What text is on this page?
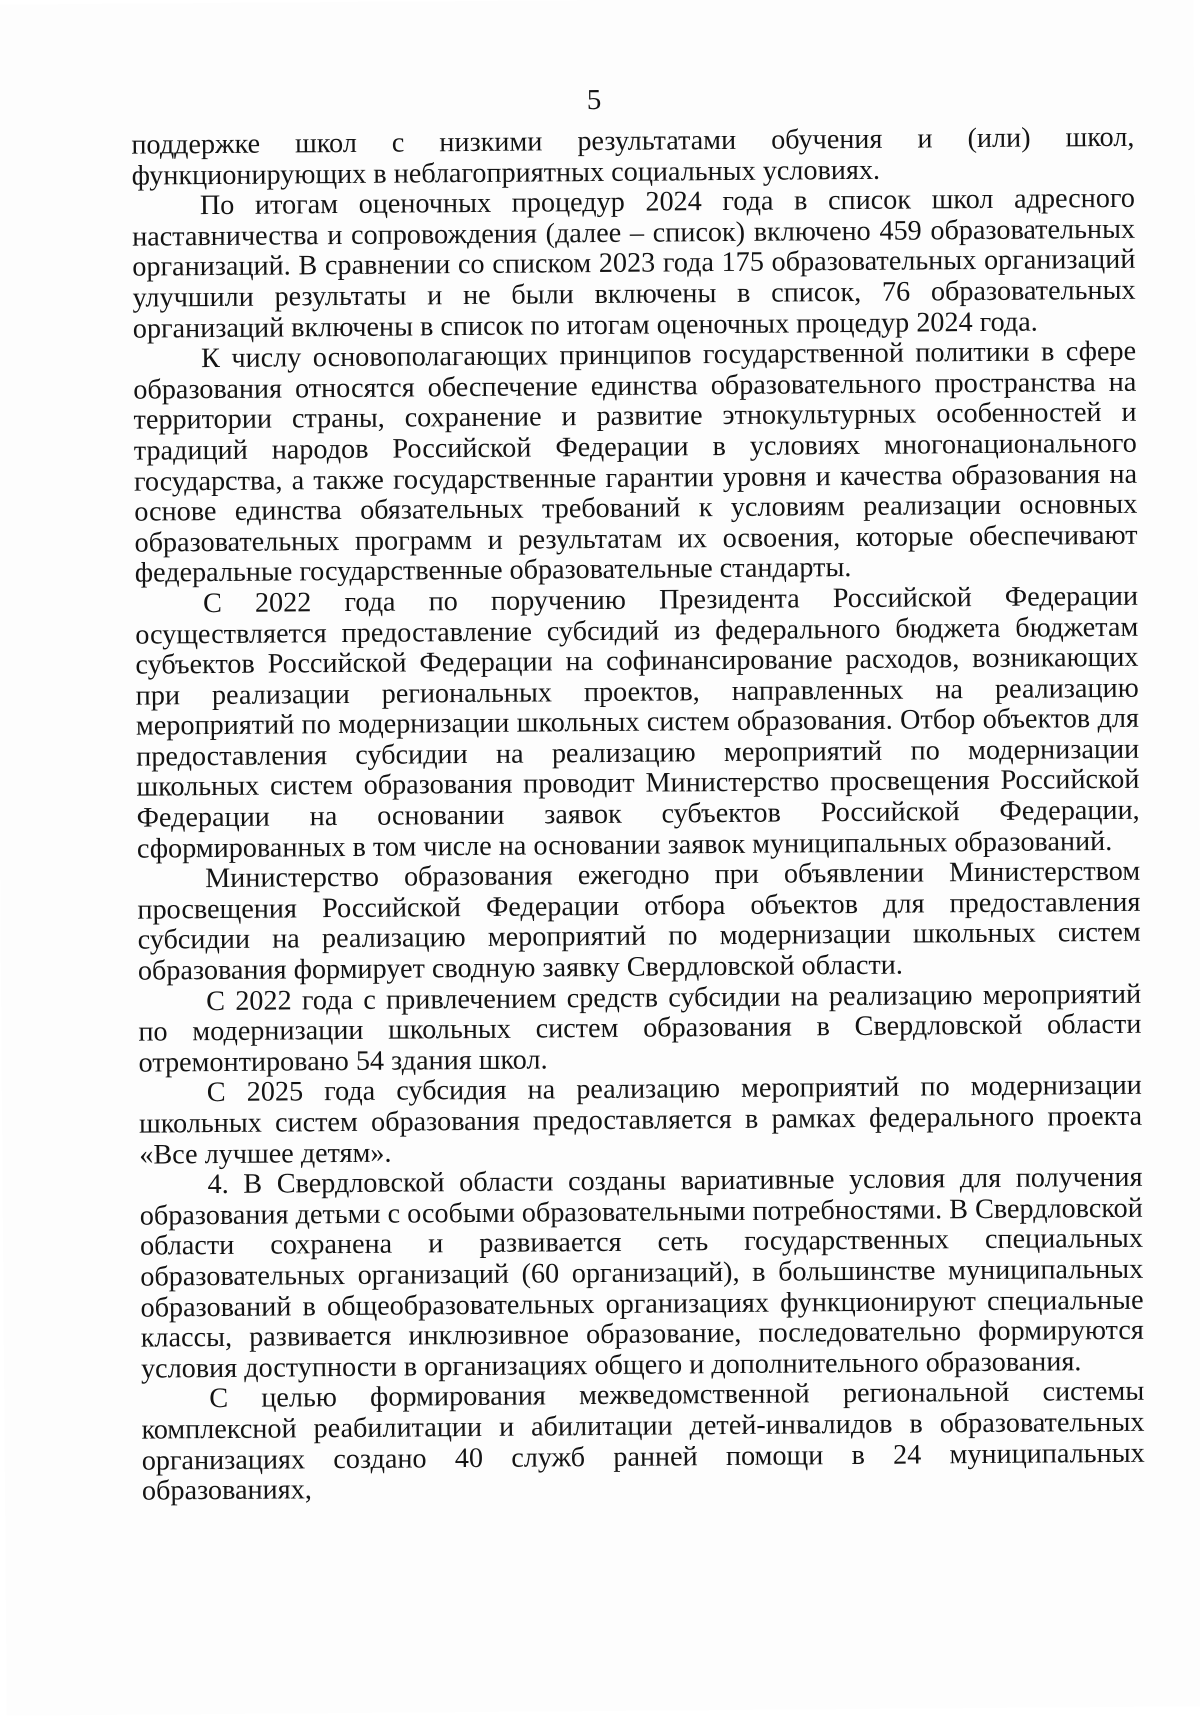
5

поддержке школ с низкими результатами обучения и (или) школ, функционирующих в неблагоприятных социальных условиях.

По итогам оценочных процедур 2024 года в список школ адресного наставничества и сопровождения (далее – список) включено 459 образовательных организаций. В сравнении со списком 2023 года 175 образовательных организаций улучшили результаты и не были включены в список, 76 образовательных организаций включены в список по итогам оценочных процедур 2024 года.

К числу основополагающих принципов государственной политики в сфере образования относятся обеспечение единства образовательного пространства на территории страны, сохранение и развитие этнокультурных особенностей и традиций народов Российской Федерации в условиях многонационального государства, а также государственные гарантии уровня и качества образования на основе единства обязательных требований к условиям реализации основных образовательных программ и результатам их освоения, которые обеспечивают федеральные государственные образовательные стандарты.

С 2022 года по поручению Президента Российской Федерации осуществляется предоставление субсидий из федерального бюджета бюджетам субъектов Российской Федерации на софинансирование расходов, возникающих при реализации региональных проектов, направленных на реализацию мероприятий по модернизации школьных систем образования. Отбор объектов для предоставления субсидии на реализацию мероприятий по модернизации школьных систем образования проводит Министерство просвещения Российской Федерации на основании заявок субъектов Российской Федерации, сформированных в том числе на основании заявок муниципальных образований.

Министерство образования ежегодно при объявлении Министерством просвещения Российской Федерации отбора объектов для предоставления субсидии на реализацию мероприятий по модернизации школьных систем образования формирует сводную заявку Свердловской области.

С 2022 года с привлечением средств субсидии на реализацию мероприятий по модернизации школьных систем образования в Свердловской области отремонтировано 54 здания школ.

С 2025 года субсидия на реализацию мероприятий по модернизации школьных систем образования предоставляется в рамках федерального проекта «Все лучшее детям».

4. В Свердловской области созданы вариативные условия для получения образования детьми с особыми образовательными потребностями. В Свердловской области сохранена и развивается сеть государственных специальных образовательных организаций (60 организаций), в большинстве муниципальных образований в общеобразовательных организациях функционируют специальные классы, развивается инклюзивное образование, последовательно формируются условия доступности в организациях общего и дополнительного образования.

С целью формирования межведомственной региональной системы комплексной реабилитации и абилитации детей-инвалидов в образовательных организациях создано 40 служб ранней помощи в 24 муниципальных образованиях,
